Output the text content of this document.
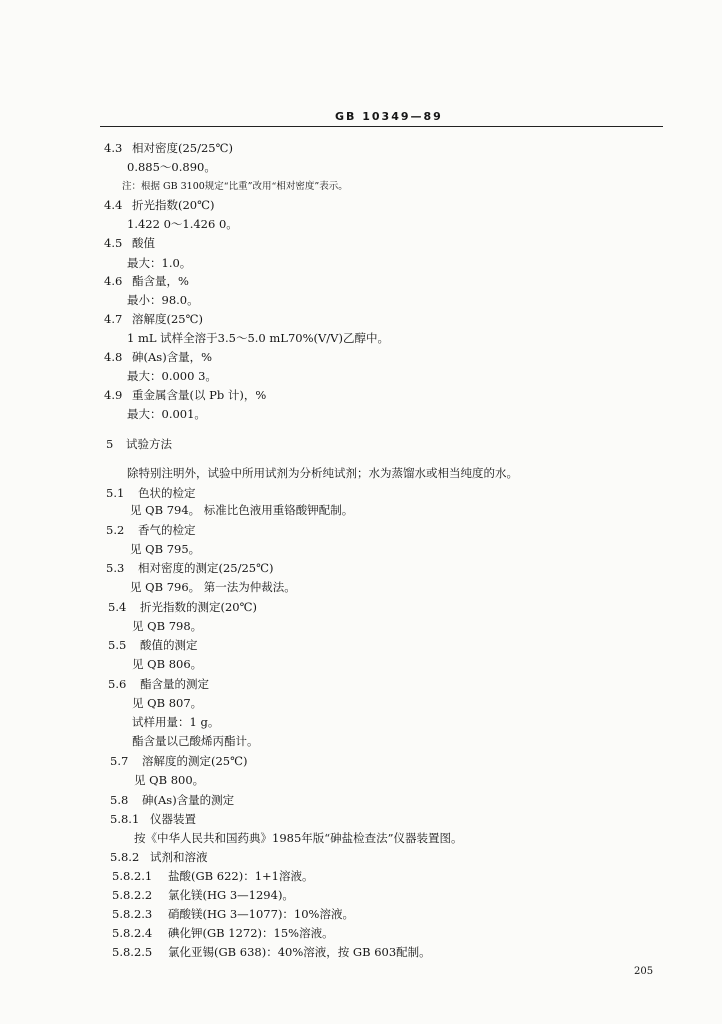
GB 10349—89
4.3 相对密度(25/25℃)
0.885～0.890。
注：根据 GB 3100规定“比重”改用“相对密度”表示。
4.4 折光指数(20℃)
1.422 0～1.426 0。
4.5 酸值
最大：1.0。
4.6 酯含量，%
最小：98.0。
4.7 溶解度(25℃)
1 mL 试样全溶于3.5～5.0 mL70%(V/V)乙醇中。
4.8 砷(As)含量，%
最大：0.000 3。
4.9 重金属含量(以 Pb 计)，%
最大：0.001。
5 试验方法
除特别注明外，试验中所用试剂为分析纯试剂；水为蒸馏水或相当纯度的水。
5.1 色状的检定
见 QB 794。 标准比色液用重铬酸钾配制。
5.2 香气的检定
见 QB 795。
5.3 相对密度的测定(25/25℃)
见 QB 796。 第一法为仲裁法。
5.4 折光指数的测定(20℃)
见 QB 798。
5.5 酸值的测定
见 QB 806。
5.6 酯含量的测定
见 QB 807。
试样用量：1 g。
酯含量以己酸烯丙酯计。
5.7 溶解度的测定(25℃)
见 QB 800。
5.8 砷(As)含量的测定
5.8.1 仪器装置
按《中华人民共和国药典》1985年版“砷盐检查法”仪器装置图。
5.8.2 试剂和溶液
5.8.2.1 盐酸(GB 622)：1+1溶液。
5.8.2.2 氯化镁(HG 3—1294)。
5.8.2.3 硝酸镁(HG 3—1077)：10%溶液。
5.8.2.4 碘化钾(GB 1272)：15%溶液。
5.8.2.5 氯化亚锡(GB 638)：40%溶液，按 GB 603配制。
205
